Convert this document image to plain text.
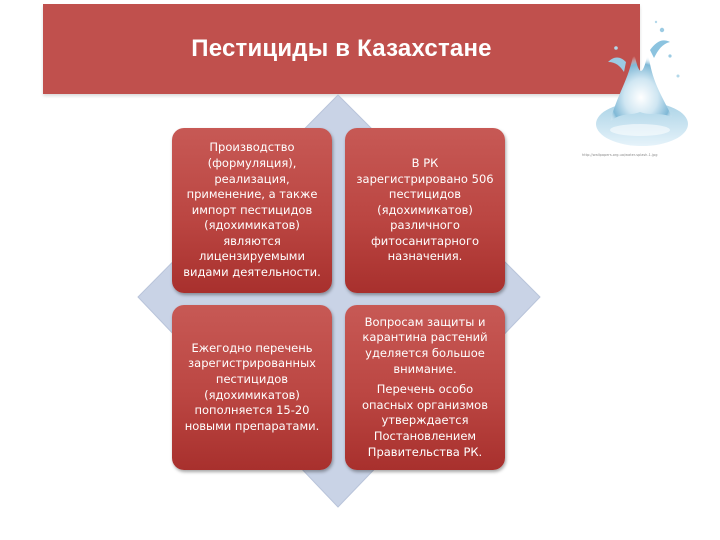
Пестициды в Казахстане
http://wallpapers.org.ua/water-splash-1.jpg

Производство (формуляция), реализация, применение, а также импорт пестицидов (ядохимикатов) являются лицензируемыми видами деятельности.

В РК зарегистрировано 506 пестицидов (ядохимикатов) различного фитосанитарного назначения.

Ежегодно перечень зарегистрированных пестицидов (ядохимикатов) пополняется 15-20 новыми препаратами.

Вопросам защиты и карантина растений уделяется большое внимание.

Перечень особо опасных организмов утверждается Постановлением Правительства РК.
